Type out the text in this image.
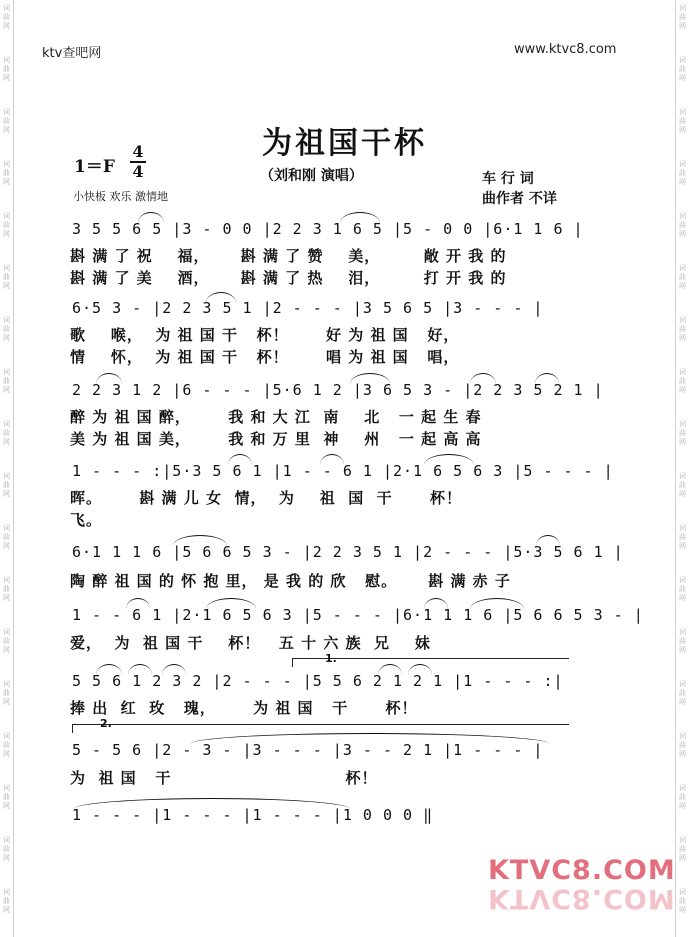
词
曲
网
词
曲
网
词
曲
网
词
曲
网
词
曲
网
词
曲
网
词
曲
网
词
曲
网
词
曲
网
词
曲
网
词
曲
网
词
曲
网
词
曲
网
词
曲
网
词
曲
网
词
曲
网
词
曲
网
词
曲
网
词
曲
网
词
曲
网
词
曲
网
词
曲
网
词
曲
网
词
曲
网
词
曲
网
词
曲
网
词
曲
网
词
曲
网
词
曲
网
词
曲
网
词
曲
网
词
曲
网
词
曲
网
词
曲
网
词
曲
网
词
曲
网
ktv查吧网	www.ktvc8.com
为祖国干杯
（刘和刚 演唱）
1＝F
4
4
小快板 欢乐 激情地
车 行 词
曲作者 不详
3 5 5 6 5 |3 - 0 0 |2 2 3 1 6 5 |5 - 0 0 |6·1 1 6 |
斟 满 了 祝    福，     斟 满 了 赞    美，       敞 开 我 的
斟 满 了 美    酒，     斟 满 了 热    泪，       打 开 我 的
6·5 3 - |2 2 3 5 1 |2 - - - |3 5 6 5 |3 - - - |
歌    喉，  为 祖 国 干   杯！      好 为 祖 国   好，
情    怀，  为 祖 国 干   杯！      唱 为 祖 国   唱，
2 2 3 1 2 |6 - - - |5·6 1 2 |3 6 5 3 - |2 2 3 5 2 1 |
醉 为 祖 国 醉，      我 和 大 江  南    北   一 起 生 春
美 为 祖 国 美，      我 和 万 里  神    州   一 起 高 高
1 - - - :|5·3 5 6 1 |1 - - 6 1 |2·1 6 5 6 3 |5 - - - |
晖。      斟 满 儿 女  情，  为    祖  国  干      杯！
飞。
6·1 1 1 6 |5 6 6 5 3 - |2 2 3 5 1 |2 - - - |5·3 5 6 1 |
陶 醉 祖 国 的 怀 抱 里， 是 我 的 欣   慰。     斟 满 赤 子
1 - - 6 1 |2·1 6 5 6 3 |5 - - - |6·1 1 1 6 |5 6 6 5 3 - |
爱，  为  祖 国 干    杯！   五 十 六 族  兄    妹
1.
5 5 6 1 2 3 2 |2 - - - |5 5 6 2 1 2 1 |1 - - - :|
捧 出  红  玫   瑰，      为 祖 国   干      杯！
2.
5 - 5 6 |2 - 3 - |3 - - - |3 - - 2 1 |1 - - - |
为  祖 国   干                            杯！
1 - - - |1 - - - |1 - - - |1 0 0 0 ‖
KTVC8.COM
KTVC8.COM
